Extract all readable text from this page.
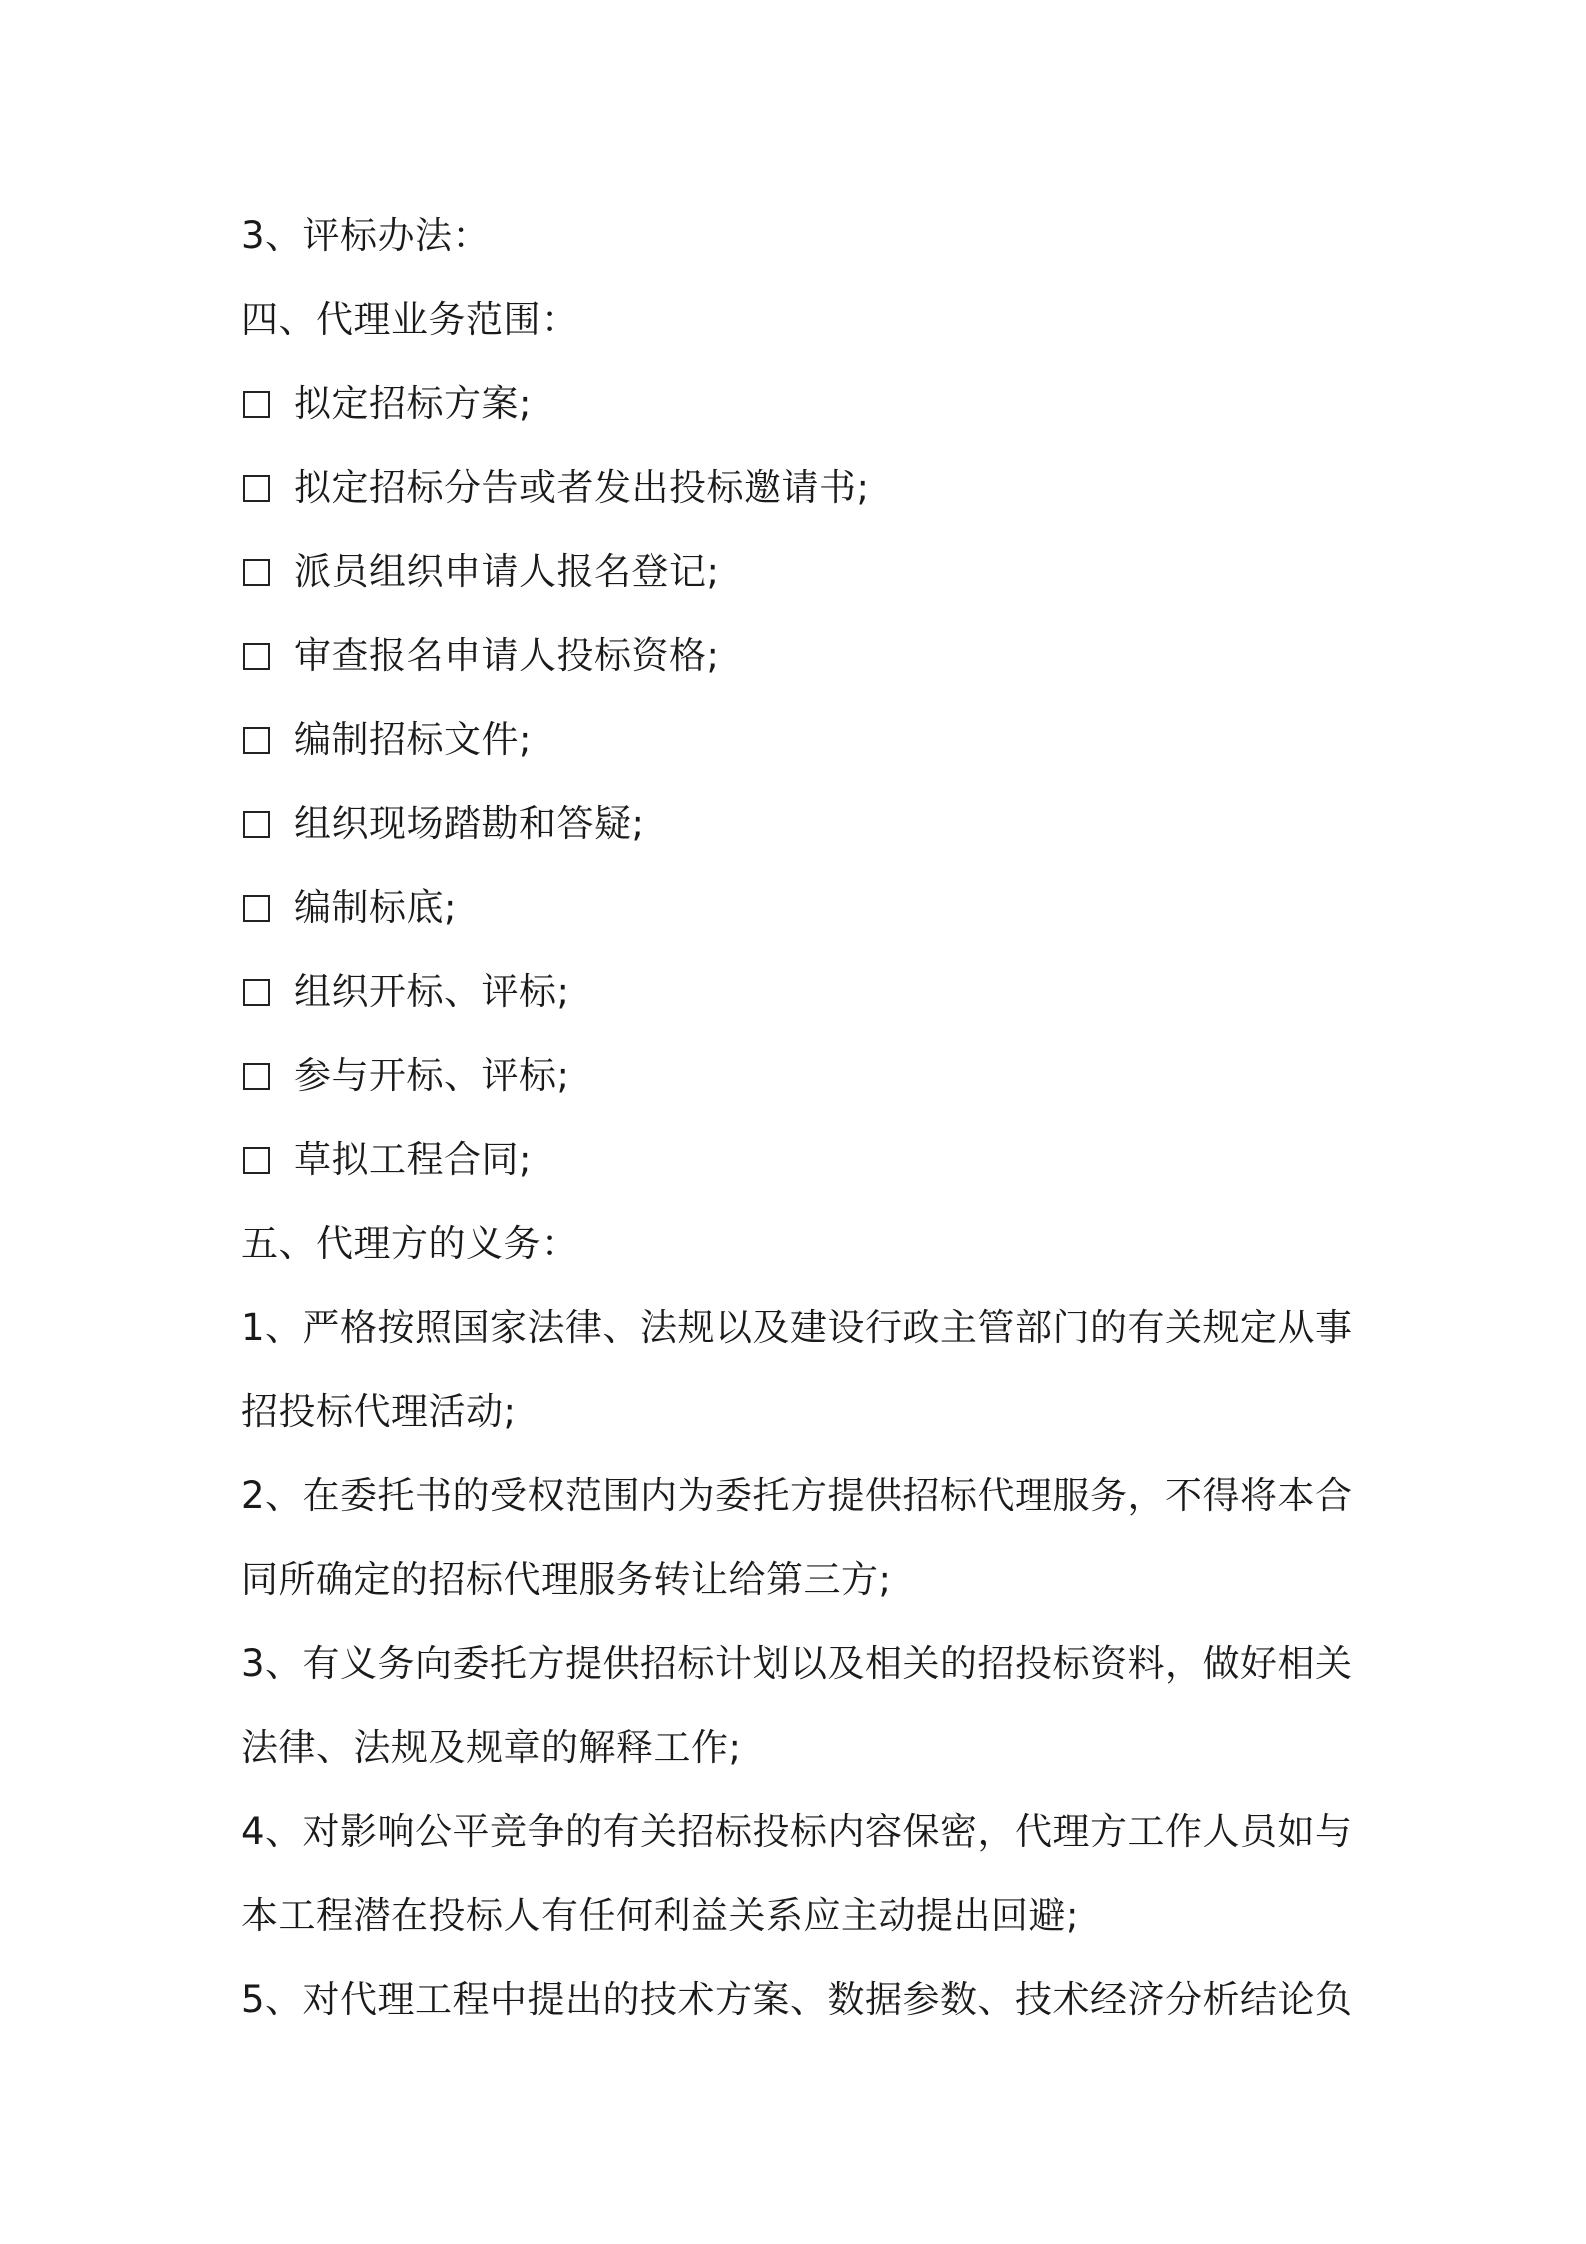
3、评标办法：
四、代理业务范围：
拟定招标方案;
拟定招标分告或者发出投标邀请书;
派员组织申请人报名登记;
审查报名申请人投标资格;
编制招标文件;
组织现场踏勘和答疑;
编制标底;
组织开标、评标;
参与开标、评标;
草拟工程合同;
五、代理方的义务：
1、严格按照国家法律、法规以及建设行政主管部门的有关规定从事
招投标代理活动;
2、在委托书的受权范围内为委托方提供招标代理服务，不得将本合
同所确定的招标代理服务转让给第三方;
3、有义务向委托方提供招标计划以及相关的招投标资料，做好相关
法律、法规及规章的解释工作;
4、对影响公平竞争的有关招标投标内容保密，代理方工作人员如与
本工程潜在投标人有任何利益关系应主动提出回避;
5、对代理工程中提出的技术方案、数据参数、技术经济分析结论负
